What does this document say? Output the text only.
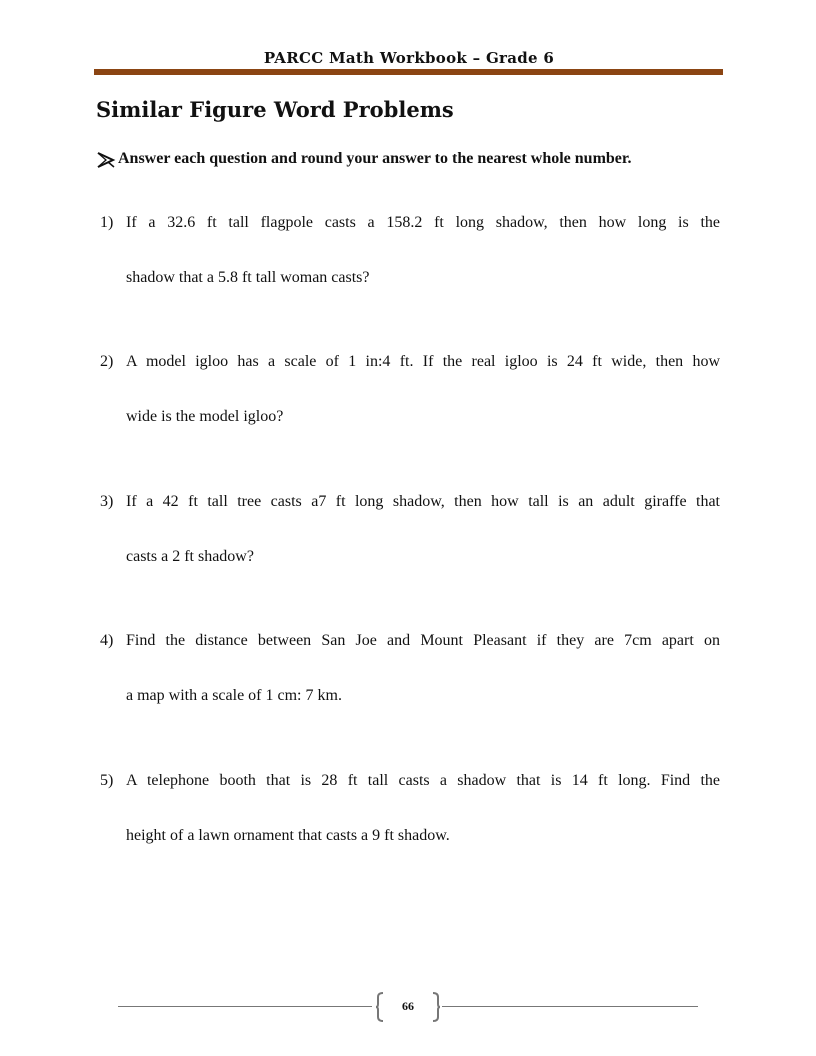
PARCC Math Workbook – Grade 6
Similar Figure Word Problems
Answer each question and round your answer to the nearest whole number.
1) If a 32.6 ft tall flagpole casts a 158.2 ft long shadow, then how long is the
shadow that a 5.8 ft tall woman casts?
2) A model igloo has a scale of 1 in:4 ft. If the real igloo is 24 ft wide, then how
wide is the model igloo?
3) If a 42 ft tall tree casts a7 ft long shadow, then how tall is an adult giraffe that
casts a 2 ft shadow?
4) Find the distance between San Joe and Mount Pleasant if they are 7cm apart on
a map with a scale of 1 cm: 7 km.
5) A telephone booth that is 28 ft tall casts a shadow that is 14 ft long. Find the
height of a lawn ornament that casts a 9 ft shadow.
66
